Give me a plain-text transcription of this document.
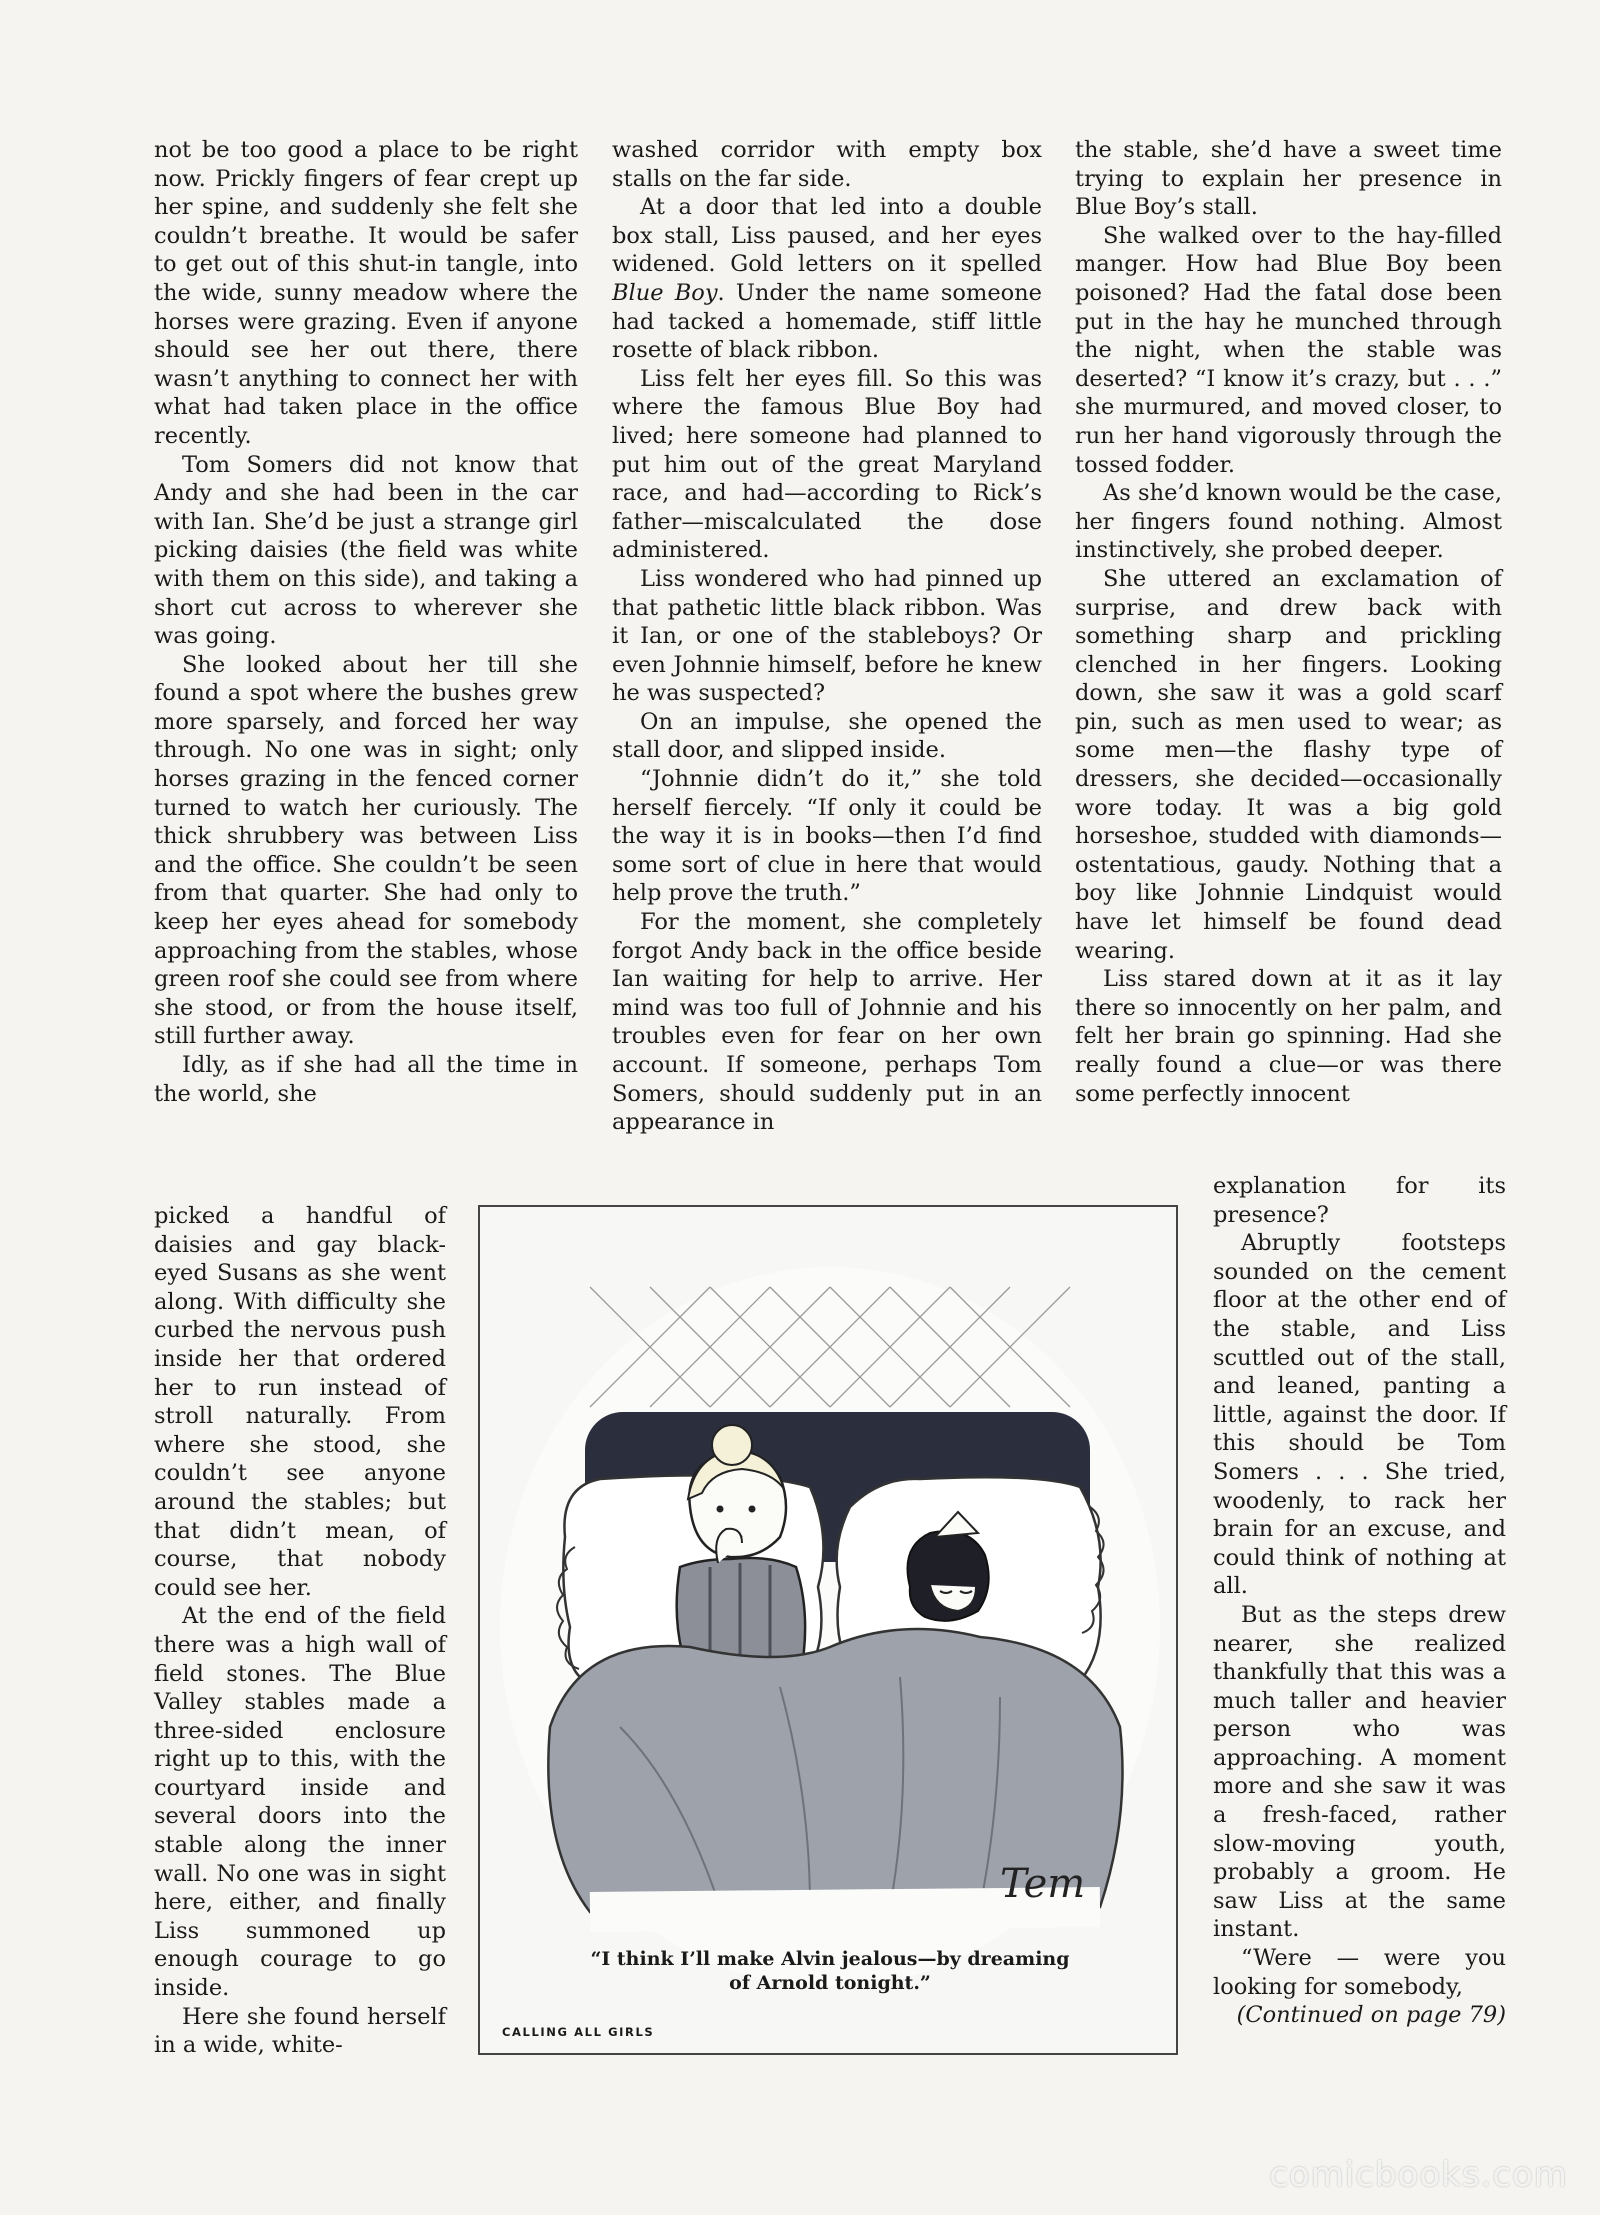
not be too good a place to be right now. Prickly fingers of fear crept up her spine, and suddenly she felt she couldn’t breathe. It would be safer to get out of this shut-in tangle, into the wide, sunny meadow where the horses were grazing. Even if anyone should see her out there, there wasn’t anything to connect her with what had taken place in the office recently.

Tom Somers did not know that Andy and she had been in the car with Ian. She’d be just a strange girl picking daisies (the field was white with them on this side), and taking a short cut across to wherever she was going.

She looked about her till she found a spot where the bushes grew more sparsely, and forced her way through. No one was in sight; only horses grazing in the fenced corner turned to watch her curiously. The thick shrubbery was between Liss and the office. She couldn’t be seen from that quarter. She had only to keep her eyes ahead for somebody approaching from the stables, whose green roof she could see from where she stood, or from the house itself, still further away.

Idly, as if she had all the time in the world, she

picked a handful of daisies and gay black-eyed Susans as she went along. With difficulty she curbed the nervous push inside her that ordered her to run instead of stroll naturally. From where she stood, she couldn’t see anyone around the stables; but that didn’t mean, of course, that nobody could see her.

At the end of the field there was a high wall of field stones. The Blue Valley stables made a three-sided enclosure right up to this, with the courtyard inside and several doors into the stable along the inner wall. No one was in sight here, either, and finally Liss summoned up enough courage to go inside.

Here she found herself in a wide, white-

washed corridor with empty box stalls on the far side.

At a door that led into a double box stall, Liss paused, and her eyes widened. Gold letters on it spelled Blue Boy. Under the name someone had tacked a homemade, stiff little rosette of black ribbon.

Liss felt her eyes fill. So this was where the famous Blue Boy had lived; here someone had planned to put him out of the great Maryland race, and had—according to Rick’s father—miscalculated the dose administered.

Liss wondered who had pinned up that pathetic little black ribbon. Was it Ian, or one of the stableboys? Or even Johnnie himself, before he knew he was suspected?

On an impulse, she opened the stall door, and slipped inside.

“Johnnie didn’t do it,” she told herself fiercely. “If only it could be the way it is in books—then I’d find some sort of clue in here that would help prove the truth.”

For the moment, she completely forgot Andy back in the office beside Ian waiting for help to arrive. Her mind was too full of Johnnie and his troubles even for fear on her own account. If someone, perhaps Tom Somers, should suddenly put in an appearance in

the stable, she’d have a sweet time trying to explain her presence in Blue Boy’s stall.

She walked over to the hay-filled manger. How had Blue Boy been poisoned? Had the fatal dose been put in the hay he munched through the night, when the stable was deserted? “I know it’s crazy, but . . .” she murmured, and moved closer, to run her hand vigorously through the tossed fodder.

As she’d known would be the case, her fingers found nothing. Almost instinctively, she probed deeper.

She uttered an exclamation of surprise, and drew back with something sharp and prickling clenched in her fingers. Looking down, she saw it was a gold scarf pin, such as men used to wear; as some men—the flashy type of dressers, she decided—occasionally wore today. It was a big gold horseshoe, studded with diamonds—ostentatious, gaudy. Nothing that a boy like Johnnie Lindquist would have let himself be found dead wearing.

Liss stared down at it as it lay there so innocently on her palm, and felt her brain go spinning. Had she really found a clue—or was there some perfectly innocent

explanation for its presence?

Abruptly footsteps sounded on the cement floor at the other end of the stable, and Liss scuttled out of the stall, and leaned, panting a little, against the door. If this should be Tom Somers . . . She tried, woodenly, to rack her brain for an excuse, and could think of nothing at all.

But as the steps drew nearer, she realized thankfully that this was a much taller and heavier person who was approaching. A moment more and she saw it was a fresh-faced, rather slow-moving youth, probably a groom. He saw Liss at the same instant.

“Were — were you looking for somebody,

(Continued on page 79)

Tem
“I think I’ll make Alvin jealous—by dreaming
of Arnold tonight.”
CALLING ALL GIRLS
comicbooks.com
